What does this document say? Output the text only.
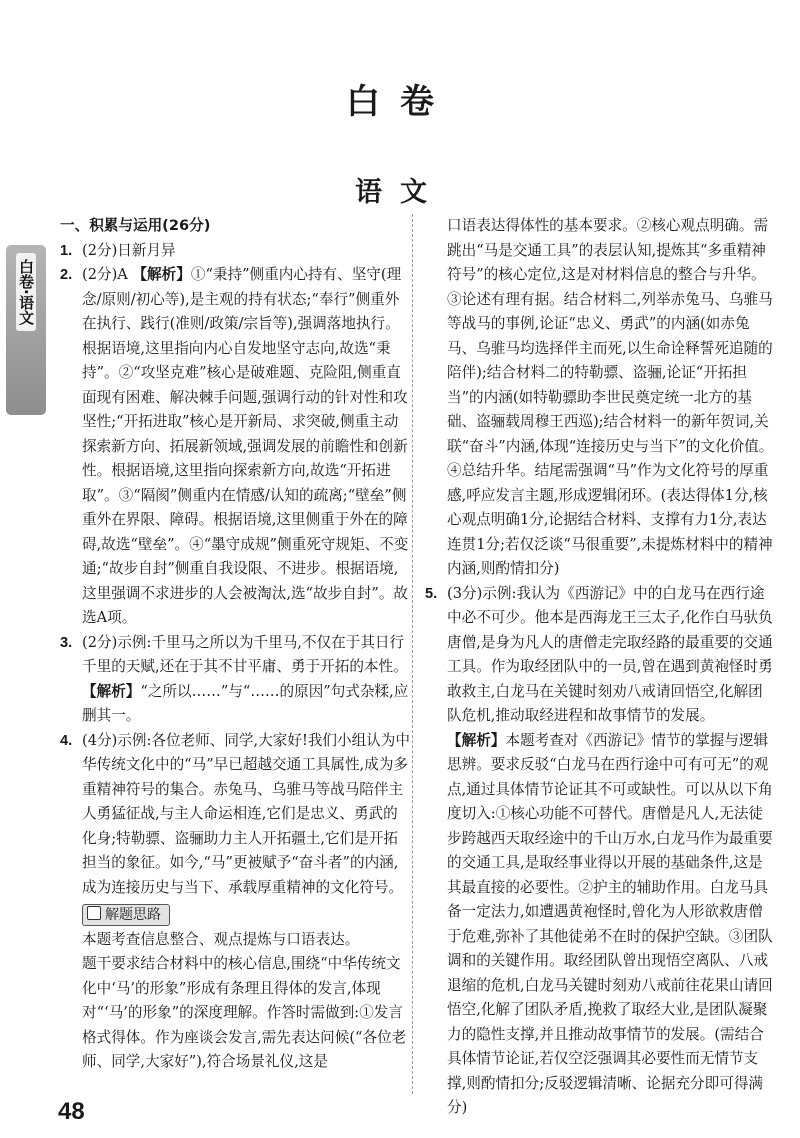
白卷
语文
白卷·语文
一、积累与运用(26分)
1. (2分)日新月异
2. (2分)A 【解析】①“秉持”侧重内心持有、坚守(理念/原则/初心等),是主观的持有状态;“奉行”侧重外在执行、践行(准则/政策/宗旨等),强调落地执行。根据语境,这里指向内心自发地坚守志向,故选“秉持”。②“攻坚克难”核心是破难题、克险阻,侧重直面现有困难、解决棘手问题,强调行动的针对性和攻坚性;“开拓进取”核心是开新局、求突破,侧重主动探索新方向、拓展新领域,强调发展的前瞻性和创新性。根据语境,这里指向探索新方向,故选“开拓进取”。③“隔阂”侧重内在情感/认知的疏离;“壁垒”侧重外在界限、障碍。根据语境,这里侧重于外在的障碍,故选“壁垒”。④“墨守成规”侧重死守规矩、不变通;“故步自封”侧重自我设限、不进步。根据语境,这里强调不求进步的人会被淘汰,选“故步自封”。故选A项。
3. (2分)示例:千里马之所以为千里马,不仅在于其日行千里的天赋,还在于其不甘平庸、勇于开拓的本性。
【解析】“之所以……”与“……的原因”句式杂糅,应删其一。
4. (4分)示例:各位老师、同学,大家好!我们小组认为中华传统文化中的“马”早已超越交通工具属性,成为多重精神符号的集合。赤兔马、乌骓马等战马陪伴主人勇猛征战,与主人命运相连,它们是忠义、勇武的化身;特勒骠、盗骊助力主人开拓疆土,它们是开拓担当的象征。如今,“马”更被赋予“奋斗者”的内涵,成为连接历史与当下、承载厚重精神的文化符号。
解题思路
本题考查信息整合、观点提炼与口语表达。
题干要求结合材料中的核心信息,围绕“中华传统文化中‘马’的形象”形成有条理且得体的发言,体现对“‘马’的形象”的深度理解。作答时需做到:①发言格式得体。作为座谈会发言,需先表达问候(“各位老师、同学,大家好”),符合场景礼仪,这是
口语表达得体性的基本要求。②核心观点明确。需跳出“马是交通工具”的表层认知,提炼其“多重精神符号”的核心定位,这是对材料信息的整合与升华。③论述有理有据。结合材料二,列举赤兔马、乌骓马等战马的事例,论证“忠义、勇武”的内涵(如赤兔马、乌骓马均选择伴主而死,以生命诠释誓死追随的陪伴);结合材料二的特勒骠、盗骊,论证“开拓担当”的内涵(如特勒骠助李世民奠定统一北方的基础、盗骊载周穆王西巡);结合材料一的新年贺词,关联“奋斗”内涵,体现“连接历史与当下”的文化价值。④总结升华。结尾需强调“马”作为文化符号的厚重感,呼应发言主题,形成逻辑闭环。(表达得体1分,核心观点明确1分,论据结合材料、支撑有力1分,表达连贯1分;若仅泛谈“马很重要”,未提炼材料中的精神内涵,则酌情扣分)
5. (3分)示例:我认为《西游记》中的白龙马在西行途中必不可少。他本是西海龙王三太子,化作白马驮负唐僧,是身为凡人的唐僧走完取经路的最重要的交通工具。作为取经团队中的一员,曾在遇到黄袍怪时勇敢救主,白龙马在关键时刻劝八戒请回悟空,化解团队危机,推动取经进程和故事情节的发展。
【解析】本题考查对《西游记》情节的掌握与逻辑思辨。要求反驳“白龙马在西行途中可有可无”的观点,通过具体情节论证其不可或缺性。可以从以下角度切入:①核心功能不可替代。唐僧是凡人,无法徒步跨越西天取经途中的千山万水,白龙马作为最重要的交通工具,是取经事业得以开展的基础条件,这是其最直接的必要性。②护主的辅助作用。白龙马具备一定法力,如遭遇黄袍怪时,曾化为人形欲救唐僧于危难,弥补了其他徒弟不在时的保护空缺。③团队调和的关键作用。取经团队曾出现悟空离队、八戒退缩的危机,白龙马关键时刻劝八戒前往花果山请回悟空,化解了团队矛盾,挽救了取经大业,是团队凝聚力的隐性支撑,并且推动故事情节的发展。(需结合具体情节论证,若仅空泛强调其必要性而无情节支撑,则酌情扣分;反驳逻辑清晰、论据充分即可得满分)
48
